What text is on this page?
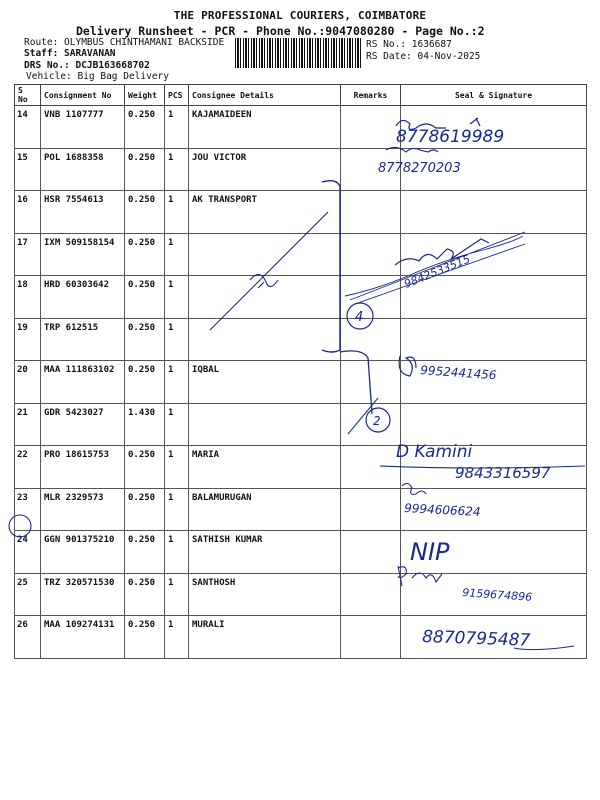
THE PROFESSIONAL COURIERS, COIMBATORE
Delivery Runsheet - PCR - Phone No.:9047080280 - Page No.:2
Route: OLYMBUS CHINTHAMANI BACKSIDE
Staff: SARAVANAN
DRS No.: DCJB163668702
Vehicle: Big Bag Delivery
RS No.: 1636687
RS Date: 04-Nov-2025
S No	Consignment No	Weight	PCS	Consignee Details	Remarks	Seal & Signature
14	VNB 1107777	0.250	1	KAJAMAIDEEN		
15	POL 1688358	0.250	1	JOU VICTOR		
16	HSR 7554613	0.250	1	AK TRANSPORT		
17	IXM 509158154	0.250	1			
18	HRD 60303642	0.250	1			
19	TRP 612515	0.250	1			
20	MAA 111863102	0.250	1	IQBAL		
21	GDR 5423027	1.430	1			
22	PRO 18615753	0.250	1	MARIA		
23	MLR 2329573	0.250	1	BALAMURUGAN		
24	GGN 901375210	0.250	1	SATHISH KUMAR		
25	TRZ 320571530	0.250	1	SANTHOSH		
26	MAA 109274131	0.250	1	MURALI		
8778619989
8778270203
9842533515
4
2
9952441456
D Kamini
9843316597
9994606624
NIP
9159674896
8870795487
